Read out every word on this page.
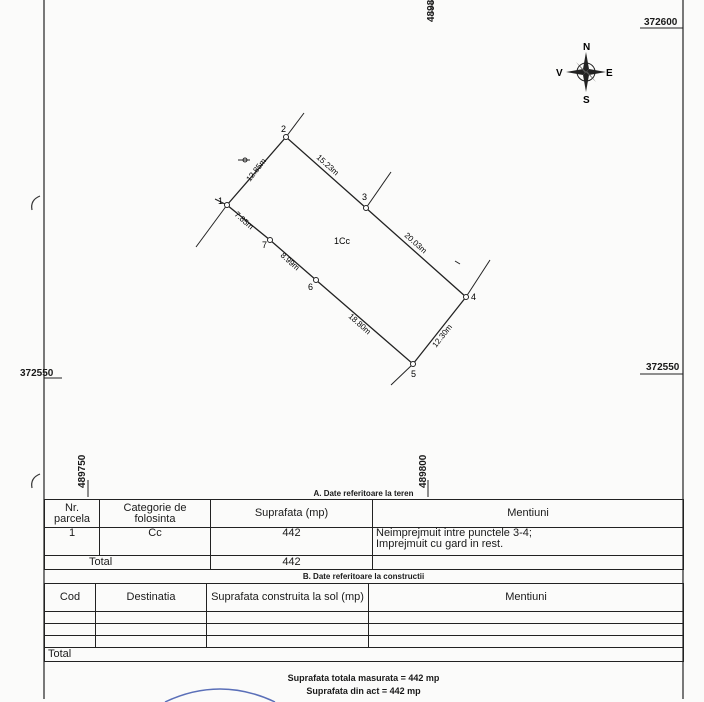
1
2
3
4
5
6
7
12.85m	15.23m
20.03m
12.30m
18.80m
8.99m
7.85m
1Cc
N
S
E
V
372600
372550
372550
489750	489800
4898
A. Date referitoare la teren
Nr. parcela	Categorie de folosinta	Suprafata (mp)	Mentiuni
1	Cc	442	Neimprejmuit intre punctele 3-4;
Imprejmuit cu gard in rest.

Total		442	
B. Date referitoare la constructii
Cod	Destinatia	Suprafata construita la sol (mp)	Mentiuni

Total			
Suprafata totala masurata = 442 mp
Suprafata din act = 442 mp
